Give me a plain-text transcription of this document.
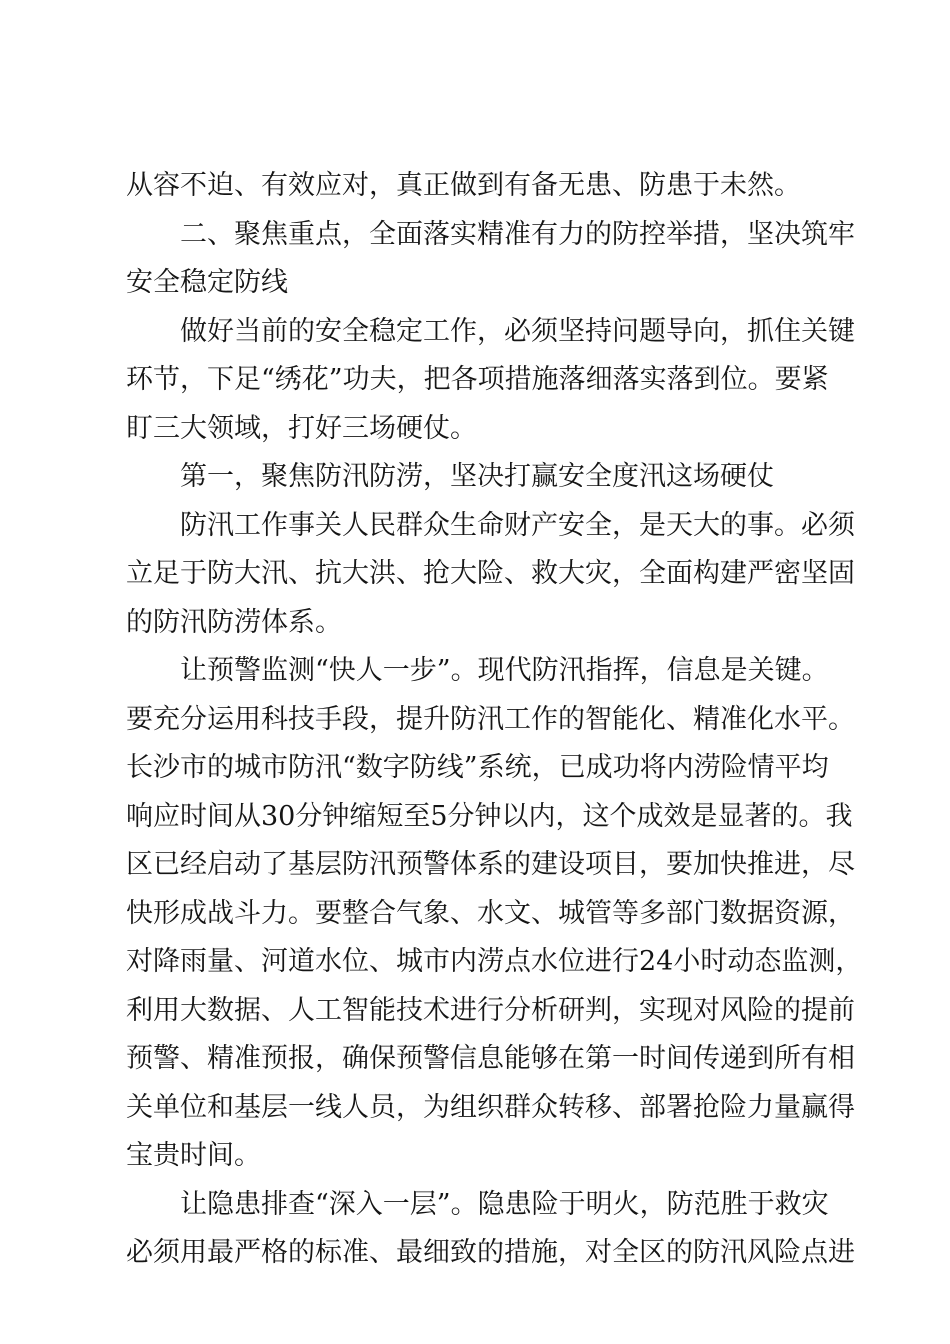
从容不迫、有效应对，真正做到有备无患、防患于未然。
二、聚焦重点，全面落实精准有力的防控举措，坚决筑牢
安全稳定防线
做好当前的安全稳定工作，必须坚持问题导向，抓住关键
环节，下足“绣花”功夫，把各项措施落细落实落到位。要紧
盯三大领域，打好三场硬仗。
第一，聚焦防汛防涝，坚决打赢安全度汛这场硬仗
防汛工作事关人民群众生命财产安全，是天大的事。必须
立足于防大汛、抗大洪、抢大险、救大灾，全面构建严密坚固
的防汛防涝体系。
让预警监测“快人一步”。现代防汛指挥，信息是关键。
要充分运用科技手段，提升防汛工作的智能化、精准化水平。
长沙市的城市防汛“数字防线”系统，已成功将内涝险情平均
响应时间从30分钟缩短至5分钟以内，这个成效是显著的。我
区已经启动了基层防汛预警体系的建设项目，要加快推进，尽
快形成战斗力。要整合气象、水文、城管等多部门数据资源，
对降雨量、河道水位、城市内涝点水位进行24小时动态监测，
利用大数据、人工智能技术进行分析研判，实现对风险的提前
预警、精准预报，确保预警信息能够在第一时间传递到所有相
关单位和基层一线人员，为组织群众转移、部署抢险力量赢得
宝贵时间。
让隐患排查“深入一层”。隐患险于明火，防范胜于救灾
必须用最严格的标准、最细致的措施，对全区的防汛风险点进
